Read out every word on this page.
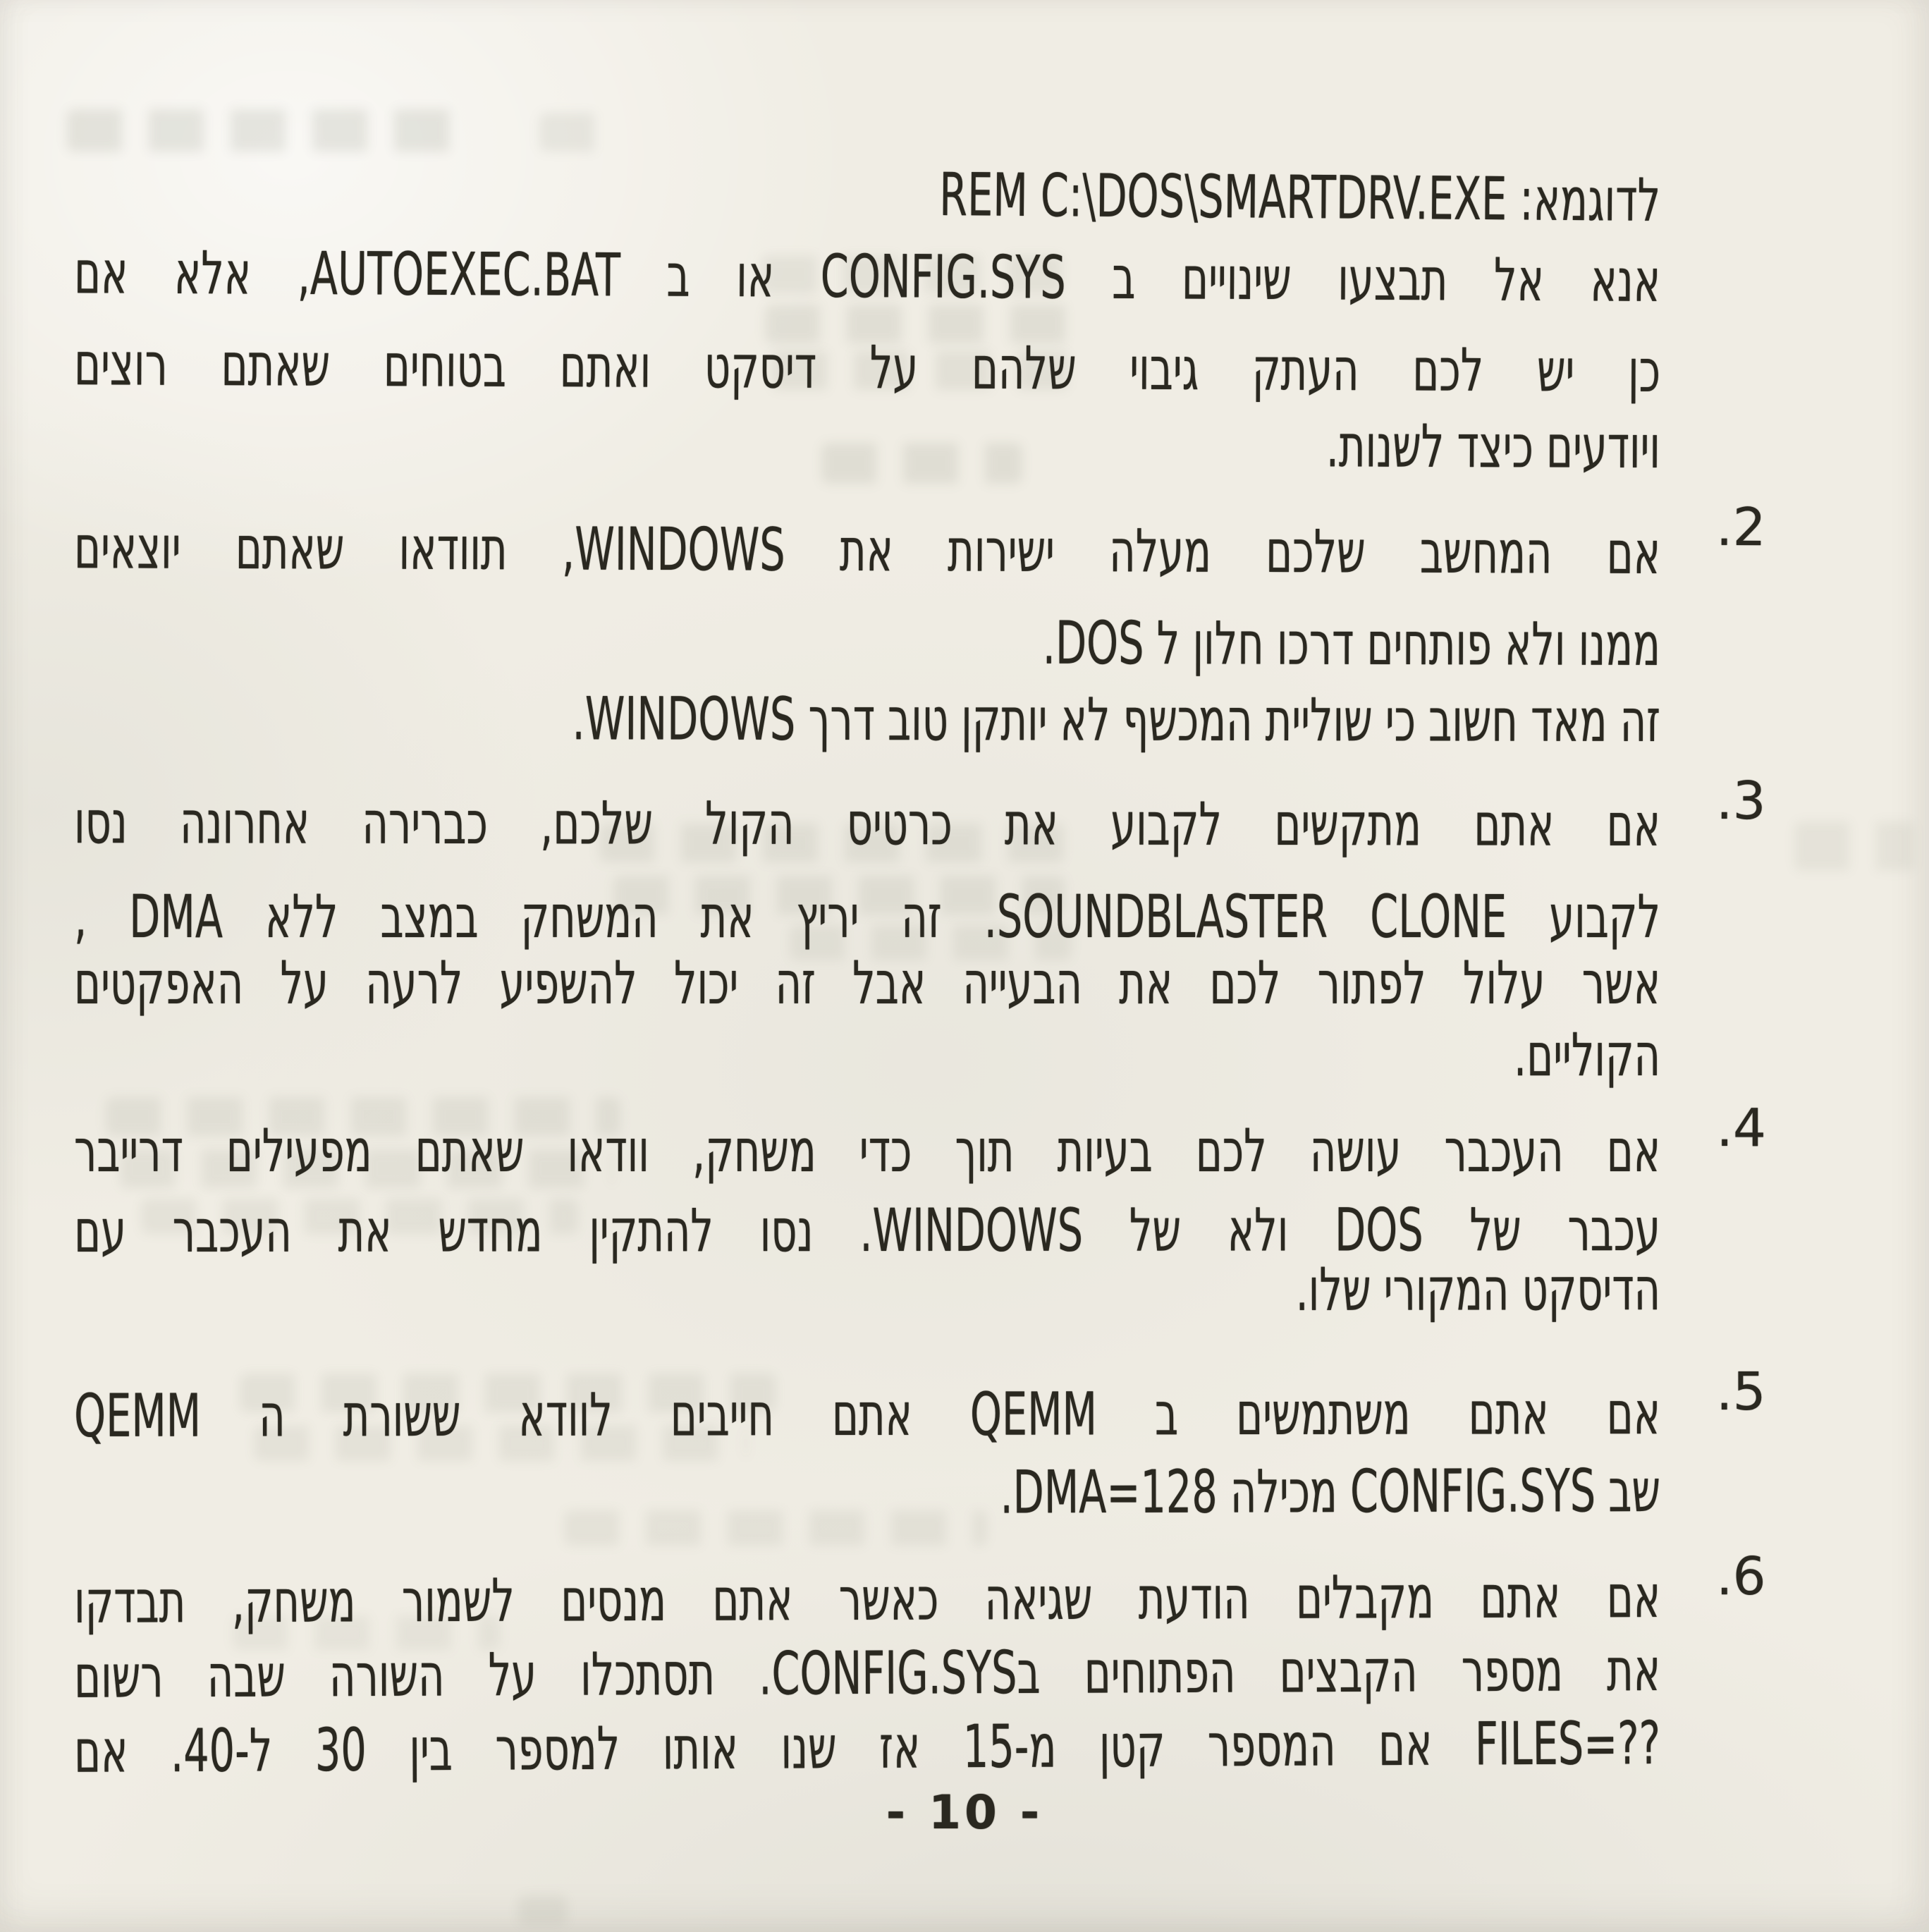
לדוגמא: ⁦REM C:\DOS\SMARTDRV.EXE⁩
אנא אל תבצעו שינויים ב ⁦CONFIG.SYS⁩ או ב ⁦AUTOEXEC.BAT⁩, אלא אם
כן יש לכם העתק גיבוי שלהם על דיסקט ואתם בטוחים שאתם רוצים
ויודעים כיצד לשנות.
2.
אם המחשב שלכם מעלה ישירות את ⁦WINDOWS⁩, תוודאו שאתם יוצאים
ממנו ולא פותחים דרכו חלון ל ⁦DOS⁩.
זה מאד חשוב כי שוליית המכשף לא יותקן טוב דרך ⁦WINDOWS⁩.
3.
אם אתם מתקשים לקבוע את כרטיס הקול שלכם, כברירה אחרונה נסו
לקבוע ⁦SOUNDBLASTER CLONE⁩. זה יריץ את המשחק במצב ללא ⁦DMA⁩ ,
אשר עלול לפתור לכם את הבעייה אבל זה יכול להשפיע לרעה על האפקטים
הקוליים.
4.
אם העכבר עושה לכם בעיות תוך כדי משחק, וודאו שאתם מפעילים דרייבר
עכבר של ⁦DOS⁩ ולא של ⁦WINDOWS⁩. נסו להתקין מחדש את העכבר עם
הדיסקט המקורי שלו.
5.
אם אתם משתמשים ב ⁦QEMM⁩ אתם חייבים לוודא ששורת ה ⁦QEMM⁩
שב ⁦CONFIG.SYS⁩ מכילה ⁦DMA=128⁩.
6.
אם אתם מקבלים הודעת שגיאה כאשר אתם מנסים לשמור משחק, תבדקו
את מספר הקבצים הפתוחים ב⁦CONFIG.SYS⁩. תסתכלו על השורה שבה רשום
⁦FILES=??⁩ אם המספר קטן מ-15 אז שנו אותו למספר בין 30 ל-40. אם
- 10 -
